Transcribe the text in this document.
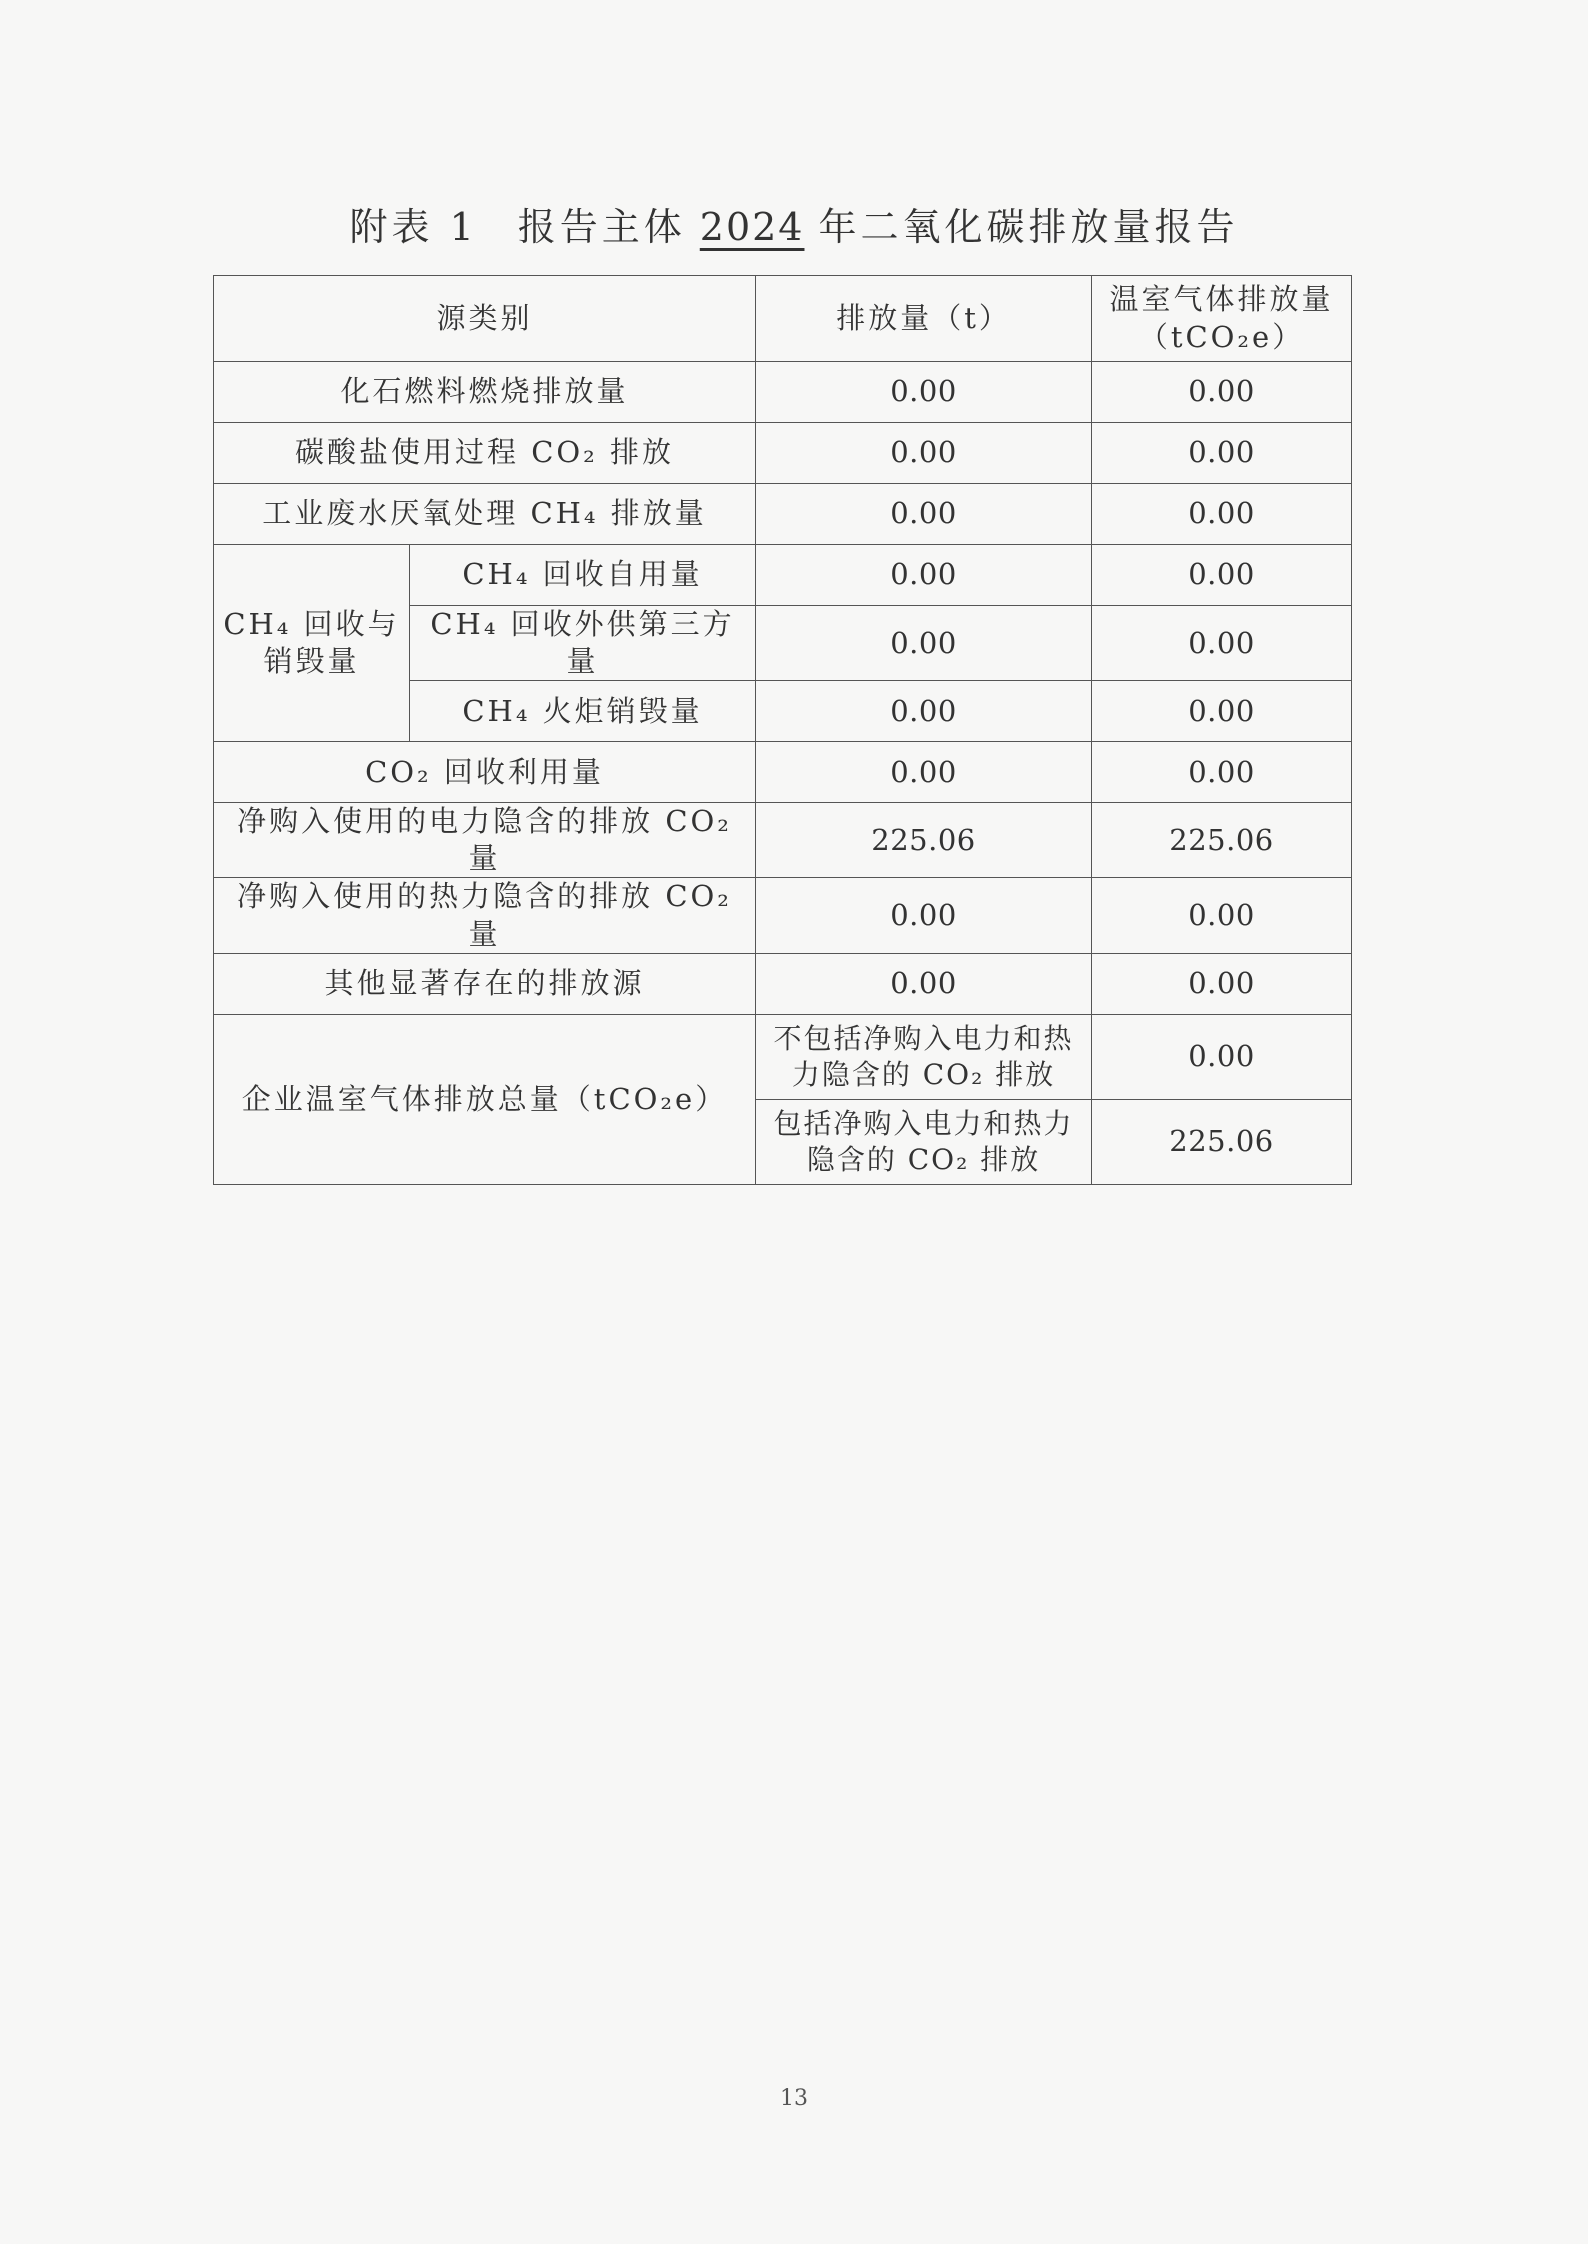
附表 1 报告主体 2024 年二氧化碳排放量报告
源类别		排放量（t）	温室气体排放量（tCO₂e）
化石燃料燃烧排放量		0.00	0.00
碳酸盐使用过程 CO₂ 排放		0.00	0.00
工业废水厌氧处理 CH₄ 排放量		0.00	0.00
CH₄ 回收与销毁量	CH₄ 回收自用量	0.00	0.00
	CH₄ 回收外供第三方量	0.00	0.00
	CH₄ 火炬销毁量	0.00	0.00
CO₂ 回收利用量		0.00	0.00
净购入使用的电力隐含的排放 CO₂ 量		225.06	225.06
净购入使用的热力隐含的排放 CO₂ 量		0.00	0.00
其他显著存在的排放源		0.00	0.00
企业温室气体排放总量（tCO₂e）		不包括净购入电力和热力隐含的 CO₂ 排放	0.00
		包括净购入电力和热力隐含的 CO₂ 排放	225.06
13
